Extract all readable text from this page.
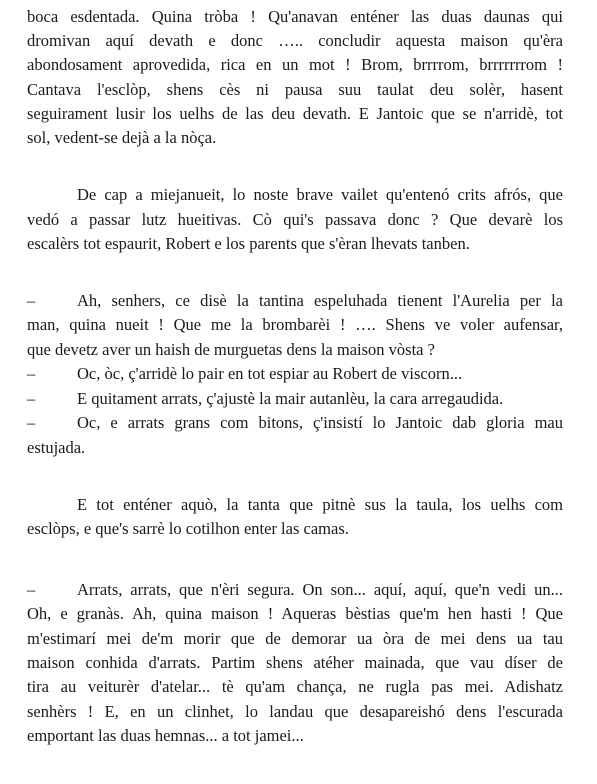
boca esdentada. Quina tròba ! Qu'anavan enténer las duas daunas qui
dromivan aquí devath e donc ….. concludir aquesta maison qu'èra
abondosament aprovedida, rica en un mot ! Brom, brrrrom, brrrrrrrom !
Cantava l'esclòp, shens cès ni pausa suu taulat deu solèr, hasent
seguirament lusir los uelhs de las deu devath. E Jantoic que se n'arridè, tot
sol, vedent-se dejà a la nòça.
De cap a miejanueit, lo noste brave vailet qu'entenó crits afrós, que
vedó a passar lutz hueitivas. Cò qui's passava donc ? Que devarè los
escalèrs tot espaurit, Robert e los parents que s'èran lhevats tanben.
–	Ah, senhers, ce disè la tantina espeluhada tienent l'Aurelia per la
man, quina nueit ! Que me la brombarèi ! …. Shens ve voler aufensar,
que devetz aver un haish de murguetas dens la maison vòsta ?
–	Oc, òc, ç'arridè lo pair en tot espiar au Robert de viscorn...
–	E quitament arrats, ç'ajustè la mair autanlèu, la cara arregaudida.
–	Oc, e arrats grans com bitons, ç'insistí lo Jantoic dab gloria mau
estujada.
E tot enténer aquò, la tanta que pitnè sus la taula, los uelhs com
esclòps, e que's sarrè lo cotilhon enter las camas.
–	Arrats, arrats, que n'èri segura. On son... aquí, aquí, que'n vedi un...
Oh, e granàs. Ah, quina maison ! Aqueras bèstias que'm hen hasti ! Que
m'estimarí mei de'm morir que de demorar ua òra de mei dens ua tau
maison conhida d'arrats. Partim shens atéher mainada, que vau díser de
tira au veiturèr d'atelar... tè qu'am chança, ne rugla pas mei. Adishatz
senhèrs ! E, en un clinhet, lo landau que desapareishó dens l'escurada
emportant las duas hemnas... a tot jamei...
